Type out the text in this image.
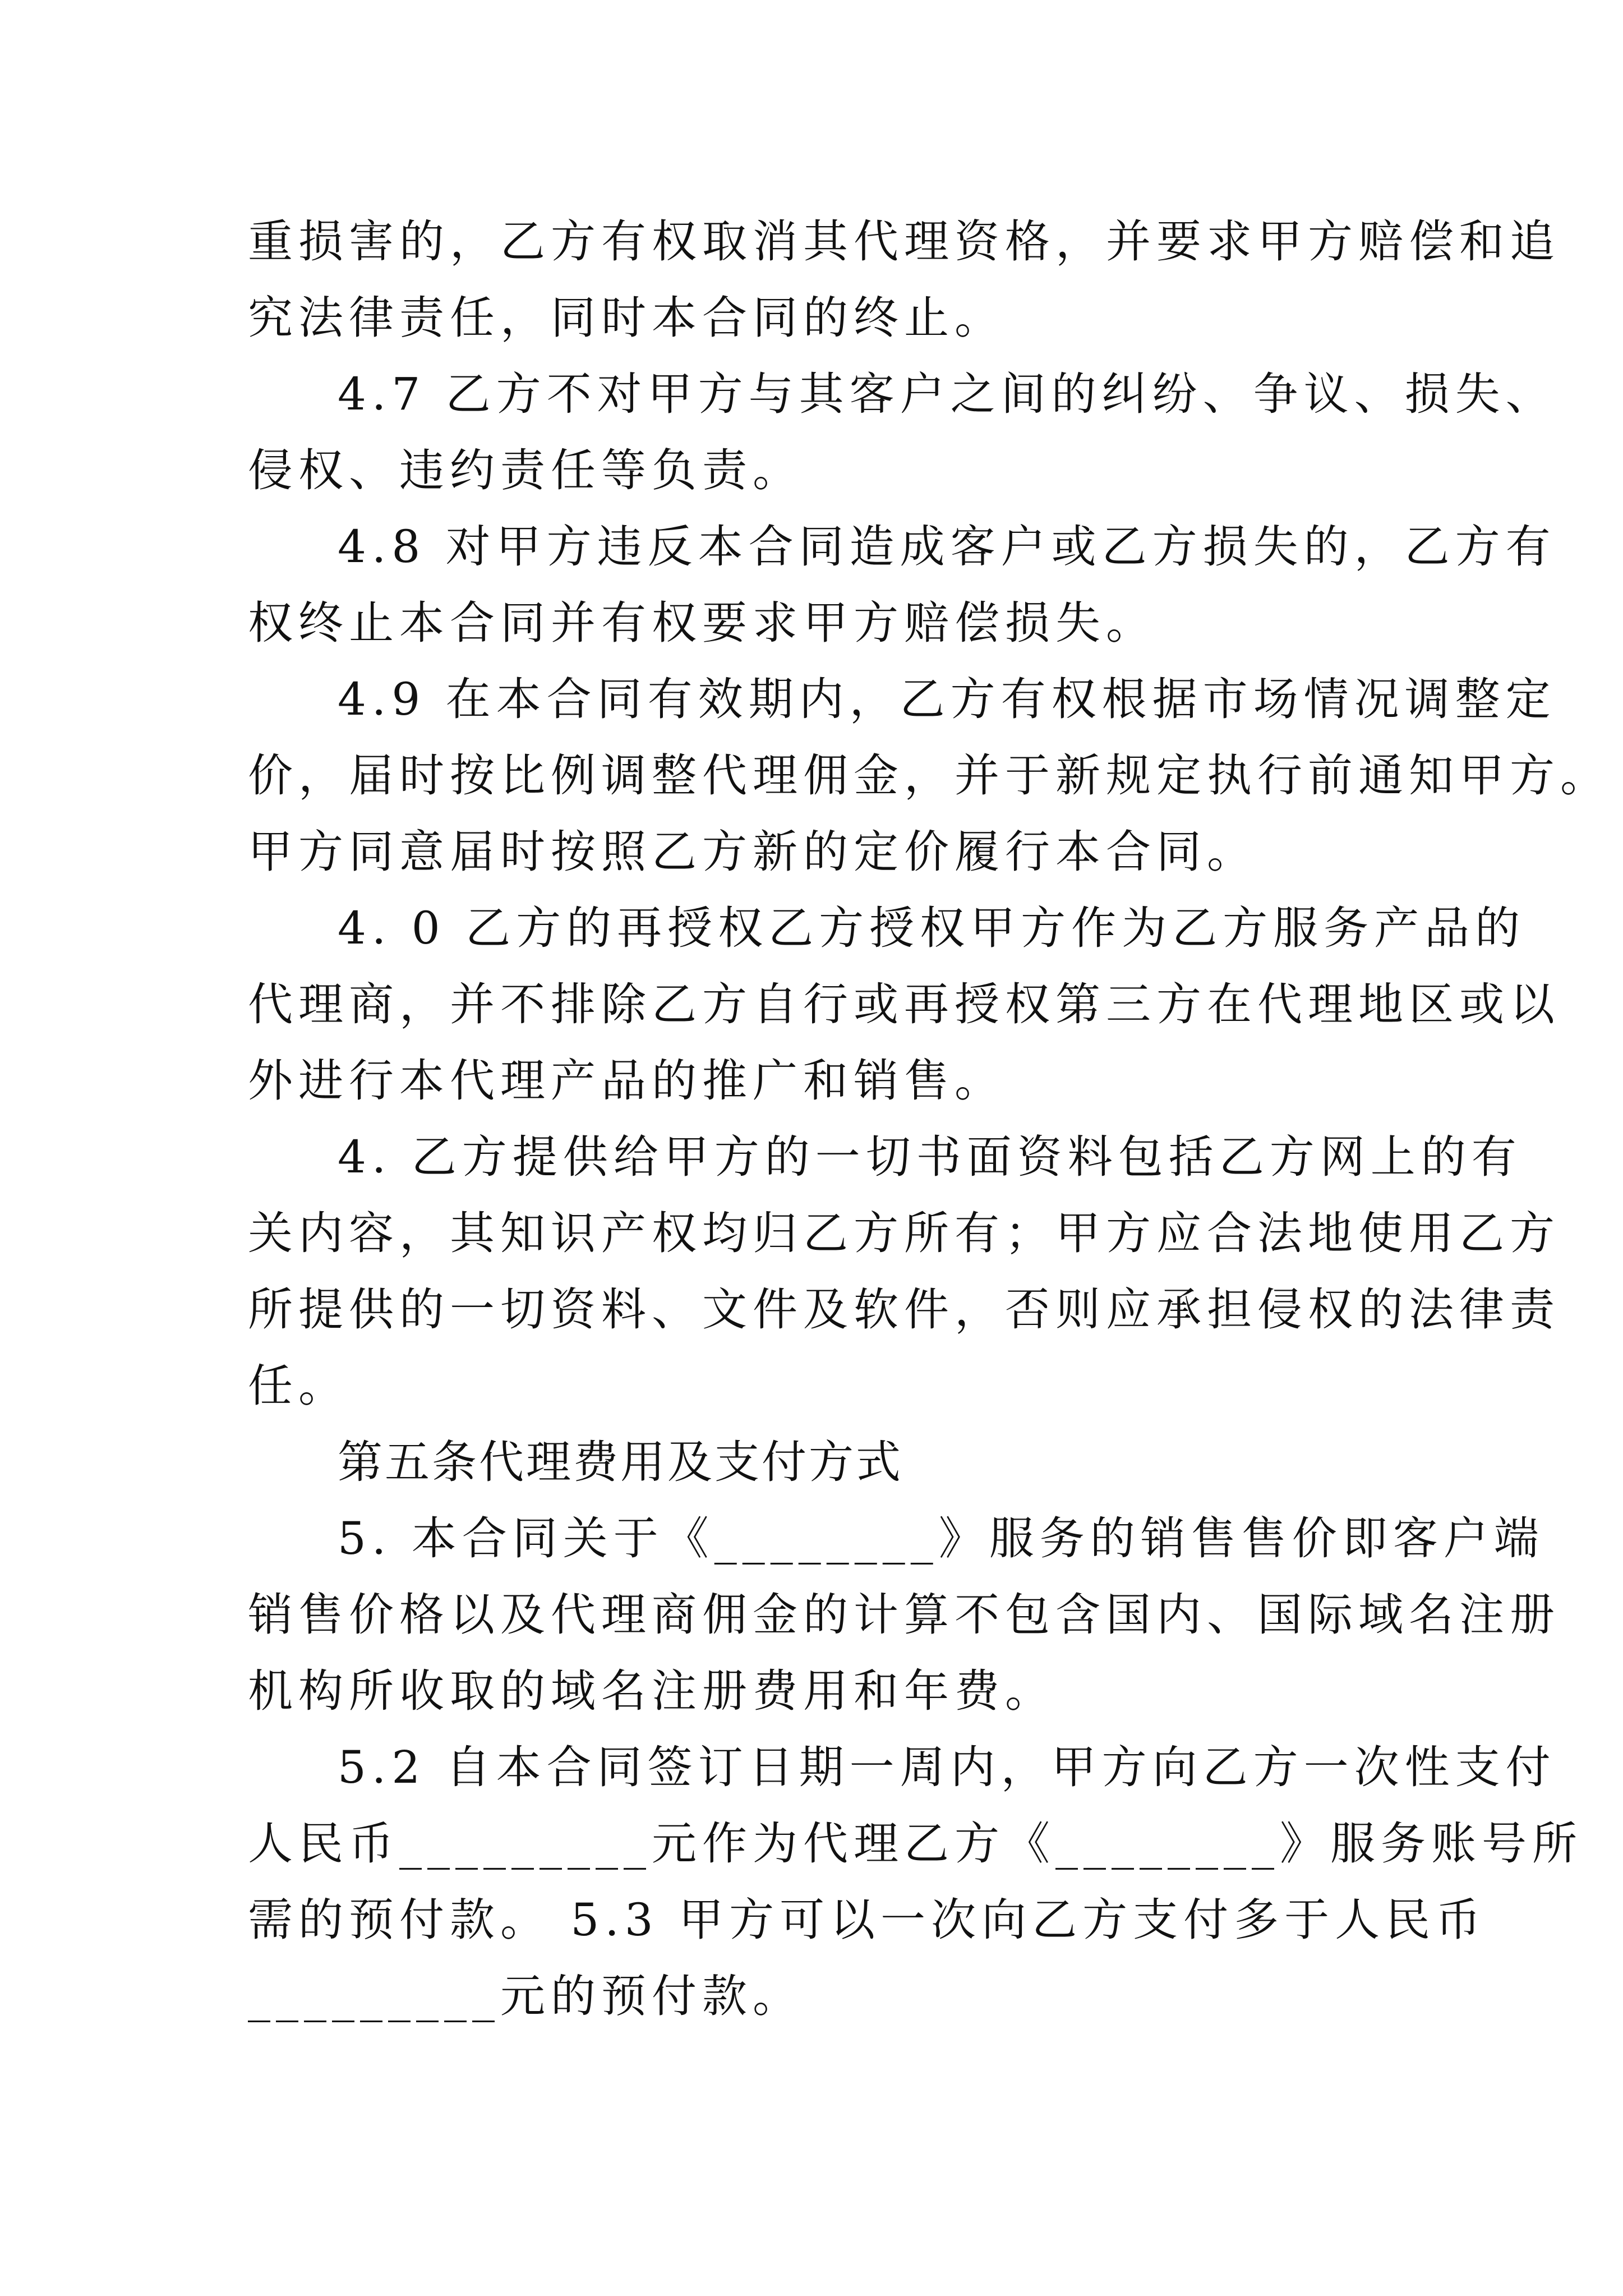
重损害的，乙方有权取消其代理资格，并要求甲方赔偿和追
究法律责任，同时本合同的终止。
4.7 乙方不对甲方与其客户之间的纠纷、争议、损失、
侵权、违约责任等负责。
4.8 对甲方违反本合同造成客户或乙方损失的，乙方有
权终止本合同并有权要求甲方赔偿损失。
4.9 在本合同有效期内，乙方有权根据市场情况调整定
价，届时按比例调整代理佣金，并于新规定执行前通知甲方。
甲方同意届时按照乙方新的定价履行本合同。
4. 0 乙方的再授权乙方授权甲方作为乙方服务产品的
代理商，并不排除乙方自行或再授权第三方在代理地区或以
外进行本代理产品的推广和销售。
4. 乙方提供给甲方的一切书面资料包括乙方网上的有
关内容，其知识产权均归乙方所有；甲方应合法地使用乙方
所提供的一切资料、文件及软件，否则应承担侵权的法律责
任。
第五条代理费用及支付方式
5. 本合同关于《________》服务的销售售价即客户端
销售价格以及代理商佣金的计算不包含国内、国际域名注册
机构所收取的域名注册费用和年费。
5.2 自本合同签订日期一周内，甲方向乙方一次性支付
人民币_________元作为代理乙方《________》服务账号所
需的预付款。 5.3 甲方可以一次向乙方支付多于人民币
_________元的预付款。
